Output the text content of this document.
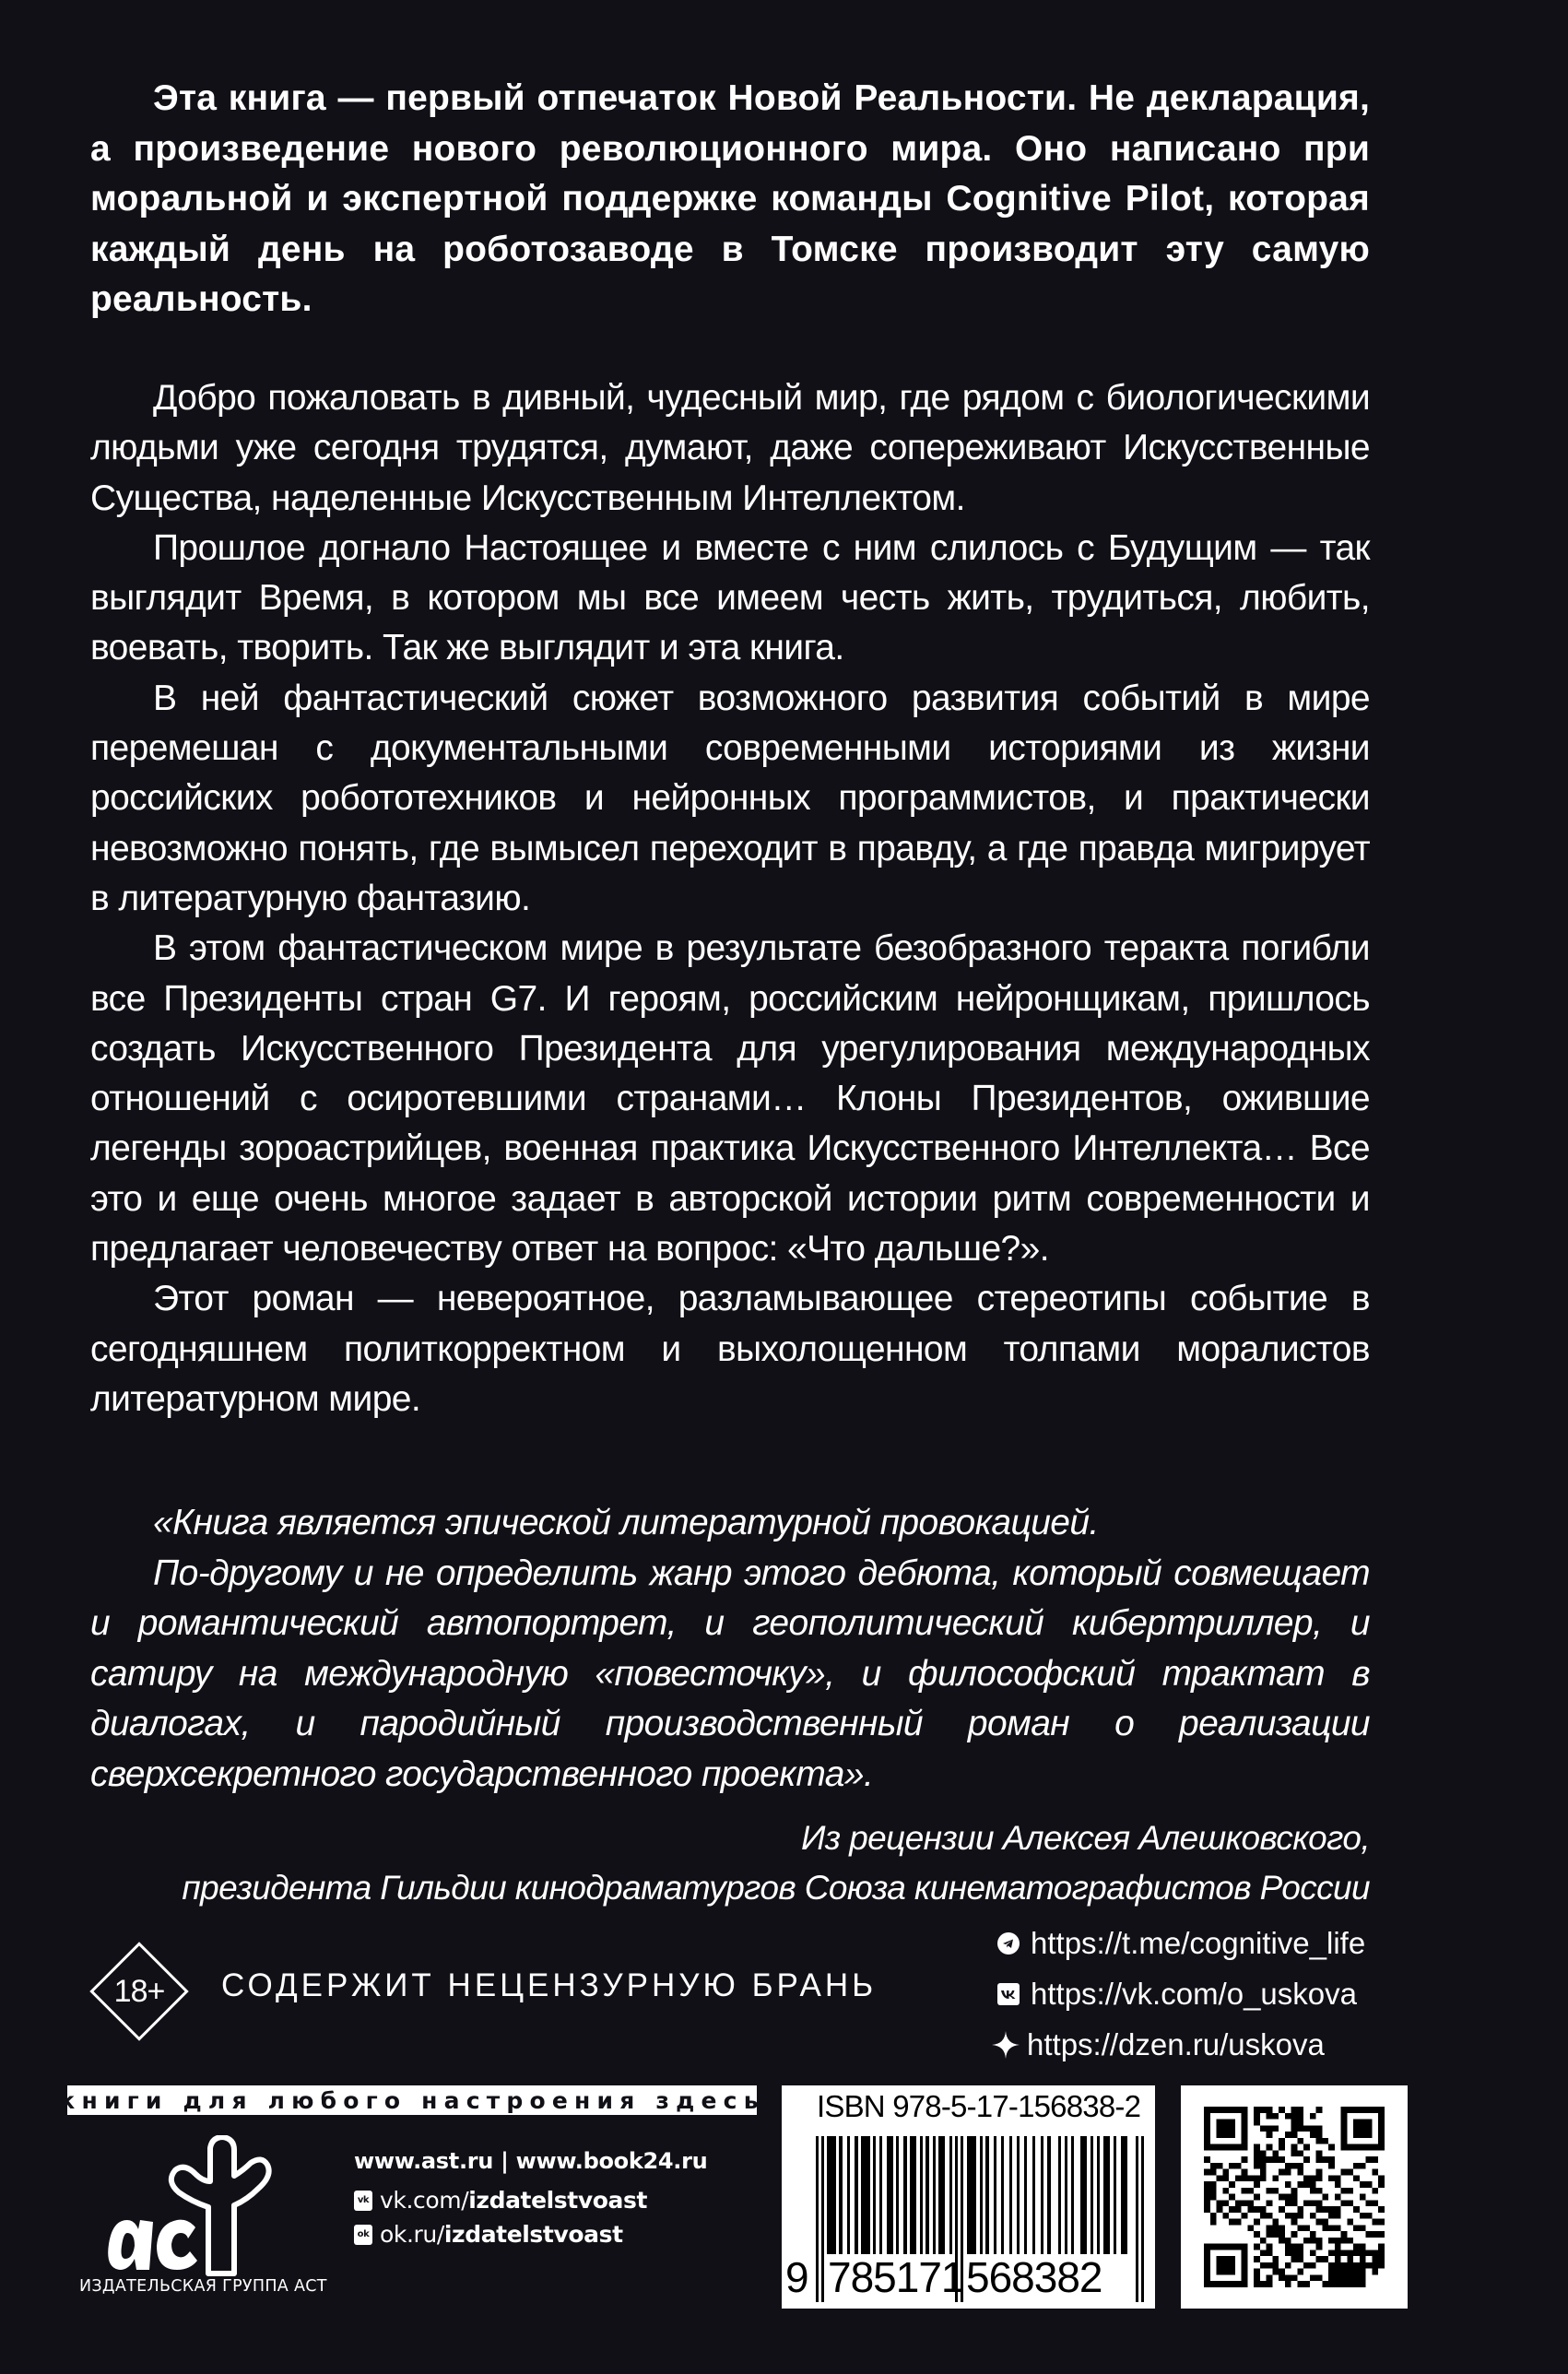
Эта книга — первый отпечаток Новой Реальности. Не декларация, а произведение нового революционного мира. Оно написано при моральной и экспертной поддержке команды Cognitive Pilot, которая каждый день на роботозаводе в Томске производит эту самую реальность.

Добро пожаловать в дивный, чудесный мир, где рядом с биологическими людьми уже сегодня трудятся, думают, даже сопереживают Искусственные Существа, наделенные Искусственным Интеллектом.

Прошлое догнало Настоящее и вместе с ним слилось с Будущим — так выглядит Время, в котором мы все имеем честь жить, трудиться, любить, воевать, творить. Так же выглядит и эта книга.

В ней фантастический сюжет возможного развития событий в мире перемешан с документальными современными историями из жизни российских робототехников и нейронных программистов, и практически невозможно понять, где вымысел переходит в правду, а где правда мигрирует в литературную фантазию.

В этом фантастическом мире в результате безобразного теракта погибли все Президенты стран G7. И героям, российским нейронщикам, пришлось создать Искусственного Президента для урегулирования международных отношений с осиротевшими странами… Клоны Президентов, ожившие легенды зороастрийцев, военная практика Искусственного Интеллекта… Все это и еще очень многое задает в авторской истории ритм современности и предлагает человечеству ответ на вопрос: «Что дальше?».

Этот роман — невероятное, разламывающее стереотипы событие в сегодняшнем политкорректном и выхолощенном толпами моралистов литературном мире.

«Книга является эпической литературной провокацией.

По-другому и не определить жанр этого дебюта, который совмещает и романтический автопортрет, и геополитический кибертриллер, и сатиру на международную «повесточку», и философский трактат в диалогах, и пародийный производственный роман о реализации сверхсекретного государственного проекта».

Из рецензии Алексея Алешковского,
президента Гильдии кинодраматургов Союза кинематографистов России
18+	СОДЕРЖИТ НЕЦЕНЗУРНУЮ БРАНЬ
https://t.me/cognitive_life
https://vk.com/o_uskova
https://dzen.ru/uskova
книги для любого настроения здесь
ИЗДАТЕЛЬСКАЯ ГРУППА АСТ
www.ast.ru | www.book24.ru
vk vk.com/ izdatelstvoast
ok ok.ru/ izdatelstvoast
ISBN 978-5-17-156838-2
9 785171 568382
